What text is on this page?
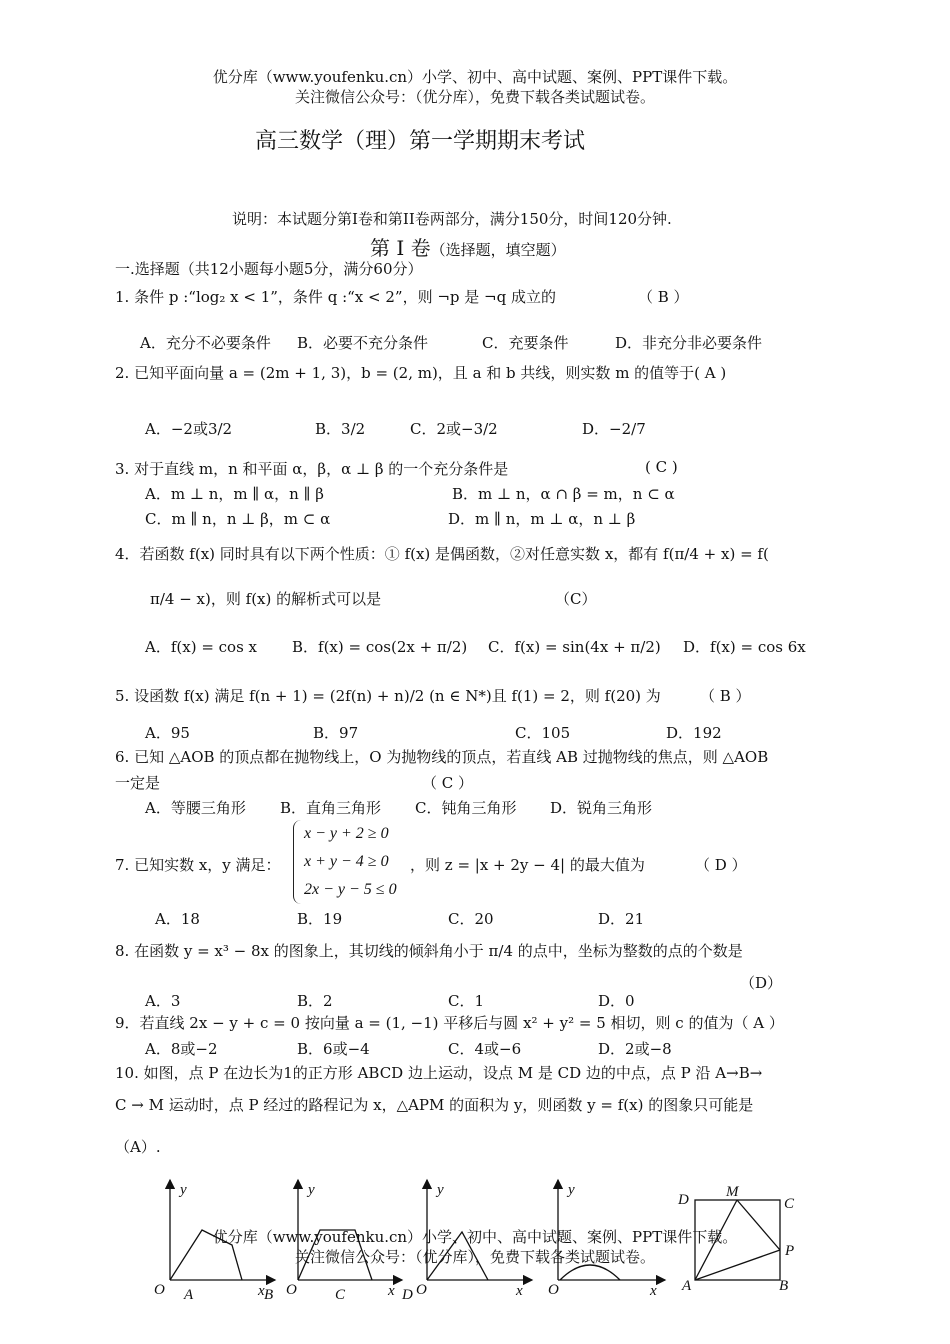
优分库（www.youfenku.cn）小学、初中、高中试题、案例、PPT课件下载。
关注微信公众号：（优分库），免费下载各类试题试卷。
高三数学（理）第一学期期末考试
说明：本试题分第I卷和第II卷两部分，满分150分，时间120分钟.
第 I 卷（选择题，填空题）
一.选择题（共12小题每小题5分，满分60分）
1. 条件 p :“log₂ x < 1”，条件 q :“x < 2”，则 ¬p 是 ¬q 成立的	（ B ）
A．充分不必要条件 B．必要不充分条件	C．充要条件	D．非充分非必要条件
2. 已知平面向量 a = (2m + 1, 3)，b = (2, m)，且 a 和 b 共线，则实数 m 的值等于( A )
A．−2或3/2	B．3/2	C．2或−3/2	D．−2/7
3. 对于直线 m，n 和平面 α，β，α ⊥ β 的一个充分条件是	( C )
A．m ⊥ n，m ∥ α，n ∥ β	B．m ⊥ n，α ∩ β = m，n ⊂ α
C．m ∥ n，n ⊥ β，m ⊂ α	D．m ∥ n，m ⊥ α，n ⊥ β
4．若函数 f(x) 同时具有以下两个性质：① f(x) 是偶函数，②对任意实数 x，都有 f(π/4 + x) = f(
π/4 − x)，则 f(x) 的解析式可以是	（C）
A．f(x) = cos x B．f(x) = cos(2x + π/2) C．f(x) = sin(4x + π/2) D．f(x) = cos 6x
5. 设函数 f(x) 满足 f(n + 1) = (2f(n) + n)/2 (n ∈ N*)且 f(1) = 2，则 f(20) 为	（ B ）
A．95	B．97	C．105	D．192
6. 已知 △AOB 的顶点都在抛物线上，O 为抛物线的顶点，若直线 AB 过抛物线的焦点，则 △AOB
一定是	（ C ）
A．等腰三角形 B．直角三角形 C．钝角三角形 D．锐角三角形
7. 已知实数 x，y 满足：
x − y + 2 ≥ 0
x + y − 4 ≥ 0
2x − y − 5 ≤ 0
，则 z = |x + 2y − 4| 的最大值为	（ D ）
A．18	B．19	C．20	D．21
8. 在函数 y = x³ − 8x 的图象上，其切线的倾斜角小于 π/4 的点中，坐标为整数的点的个数是
（D）
A．3	B．2	C．1	D．0
9．若直线 2x − y + c = 0 按向量 a = (1, −1) 平移后与圆 x² + y² = 5 相切，则 c 的值为（ A ）
A．8或−2	B．6或−4	C．4或−6	D．2或−8
10. 如图，点 P 在边长为1的正方形 ABCD 边上运动，设点 M 是 CD 边的中点，点 P 沿 A→B→
C → M 运动时，点 P 经过的路程记为 x，△APM 的面积为 y，则函数 y = f(x) 的图象只可能是
（A）.
y
O	x
A
y
O	x
B
y
O	x
C
y
O	x
D
A	B
C
D M
P
优分库（www.youfenku.cn）小学、初中、高中试题、案例、PPT课件下载。
关注微信公众号：（优分库），免费下载各类试题试卷。
